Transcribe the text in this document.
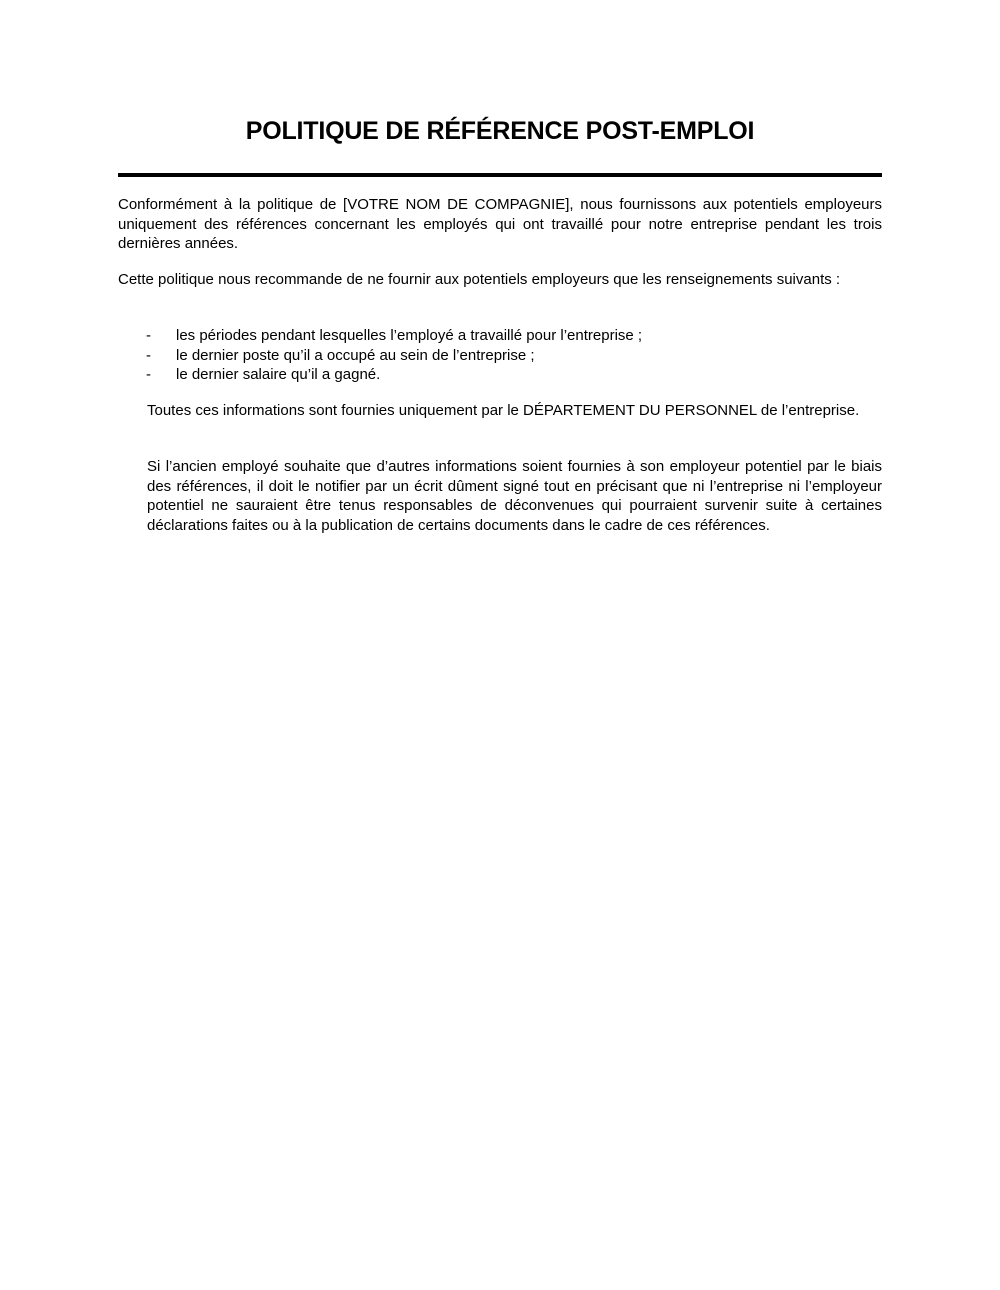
POLITIQUE DE RÉFÉRENCE POST-EMPLOI
Conformément à la politique de [VOTRE NOM DE COMPAGNIE], nous fournissons aux potentiels employeurs uniquement des références concernant les employés qui ont travaillé pour notre entreprise pendant les trois dernières années.
Cette politique nous recommande de ne fournir aux potentiels employeurs que les renseignements suivants :
- les périodes pendant lesquelles l’employé a travaillé pour l’entreprise ;
- le dernier poste qu’il a occupé au sein de l’entreprise ;
- le dernier salaire qu’il a gagné.
Toutes ces informations sont fournies uniquement par le DÉPARTEMENT DU PERSONNEL de l’entreprise.
Si l’ancien employé souhaite que d’autres informations soient fournies à son employeur potentiel par le biais des références, il doit le notifier par un écrit dûment signé tout en précisant que ni l’entreprise ni l’employeur potentiel ne sauraient être tenus responsables de déconvenues qui pourraient survenir suite à certaines déclarations faites ou à la publication de certains documents dans le cadre de ces références.
